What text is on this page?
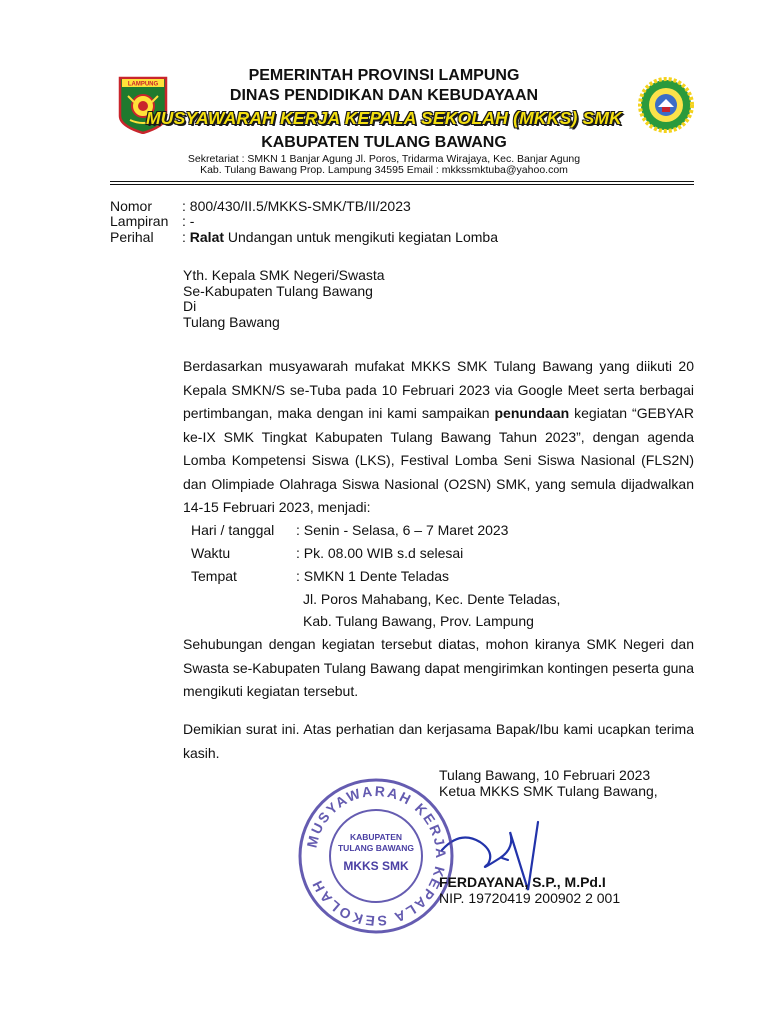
LAMPUNG
PEMERINTAH PROVINSI LAMPUNG
DINAS PENDIDIKAN DAN KEBUDAYAAN
MUSYAWARAH KERJA KEPALA SEKOLAH (MKKS) SMK
KABUPATEN TULANG BAWANG
Sekretariat : SMKN 1 Banjar Agung Jl. Poros, Tridarma Wirajaya, Kec. Banjar Agung
Kab. Tulang Bawang Prop. Lampung 34595 Email : mkkssmktuba@yahoo.com
Nomor : 800/430/II.5/MKKS-SMK/TB/II/2023
Lampiran : -
Perihal : Ralat Undangan untuk mengikuti kegiatan Lomba
Yth. Kepala SMK Negeri/Swasta
Se-Kabupaten Tulang Bawang
Di
Tulang Bawang
Berdasarkan musyawarah mufakat MKKS SMK Tulang Bawang yang diikuti 20 Kepala SMKN/S se-Tuba pada 10 Februari 2023 via Google Meet serta berbagai pertimbangan, maka dengan ini kami sampaikan penundaan kegiatan “GEBYAR ke-IX SMK Tingkat Kabupaten Tulang Bawang Tahun 2023”, dengan agenda Lomba Kompetensi Siswa (LKS), Festival Lomba Seni Siswa Nasional (FLS2N) dan Olimpiade Olahraga Siswa Nasional (O2SN) SMK, yang semula dijadwalkan 14-15 Februari 2023, menjadi:
Hari / tanggal : Senin - Selasa, 6 – 7 Maret 2023
Waktu	: Pk. 08.00 WIB s.d selesai
Tempat	: SMKN 1 Dente Teladas
Jl. Poros Mahabang, Kec. Dente Teladas,
Kab. Tulang Bawang, Prov. Lampung
Sehubungan dengan kegiatan tersebut diatas, mohon kiranya SMK Negeri dan Swasta se-Kabupaten Tulang Bawang dapat mengirimkan kontingen peserta guna mengikuti kegiatan tersebut.
Demikian surat ini. Atas perhatian dan kerjasama Bapak/Ibu kami ucapkan terima kasih.
Tulang Bawang, 10 Februari 2023
Ketua MKKS SMK Tulang Bawang,
MUSYAWARAH KERJA KEPALA SEKOLAH
KABUPATEN
TULANG BAWANG
MKKS SMK
FERDAYANA, S.P., M.Pd.I
NIP. 19720419 200902 2 001
